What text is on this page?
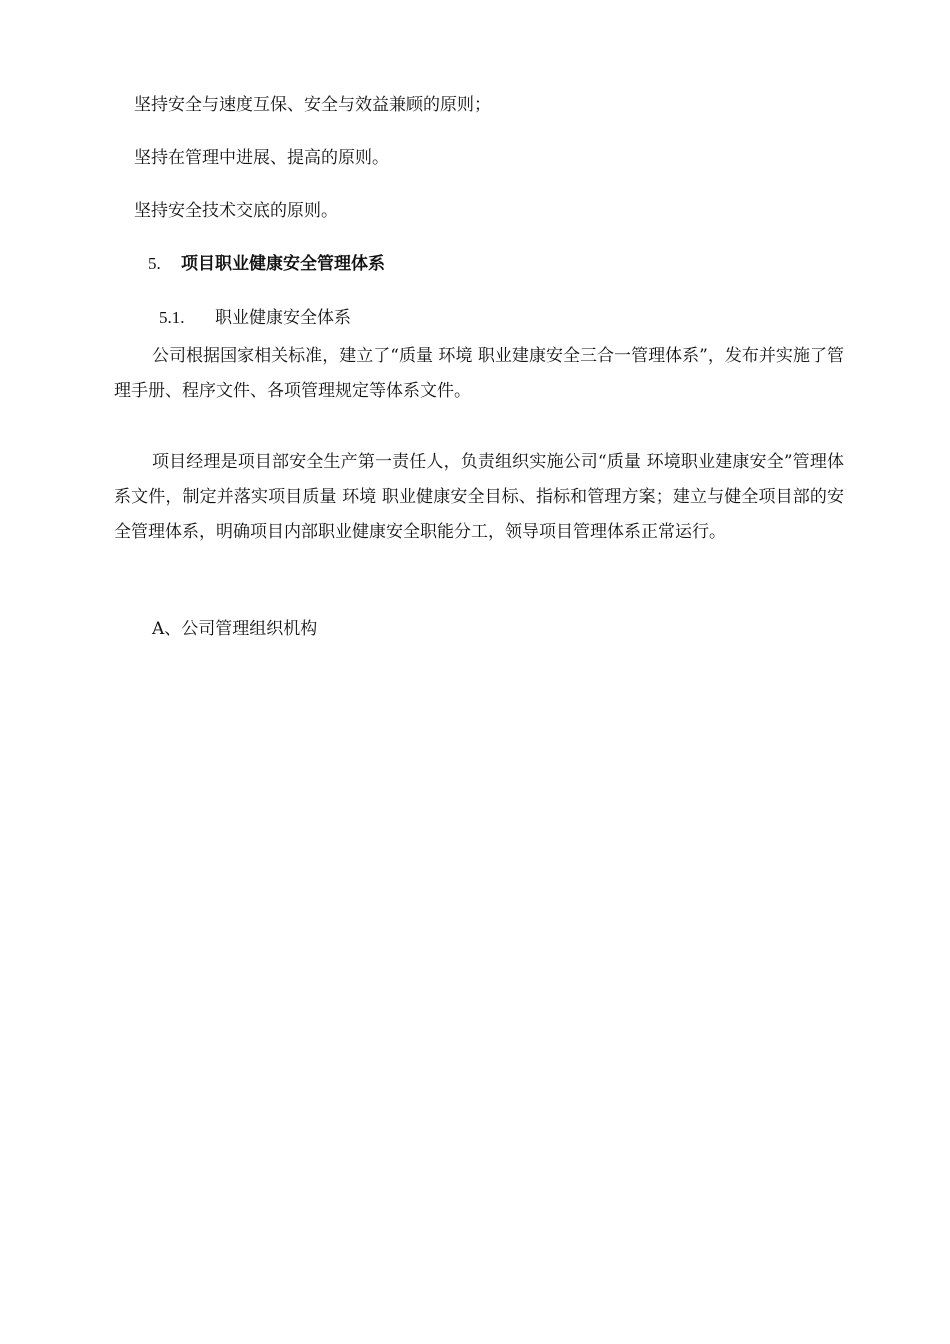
坚持安全与速度互保、安全与效益兼顾的原则；
坚持在管理中进展、提高的原则。
坚持安全技术交底的原则。
5. 项目职业健康安全管理体系
5.1. 职业健康安全体系

公司根据国家相关标准，建立了“质量 环境 职业建康安全三合一管理体系”，发布并实施了管理手册、程序文件、各项管理规定等体系文件。

项目经理是项目部安全生产第一责任人，负责组织实施公司“质量 环境职业建康安全”管理体系文件，制定并落实项目质量 环境 职业健康安全目标、指标和管理方案；建立与健全项目部的安全管理体系，明确项目内部职业健康安全职能分工，领导项目管理体系正常运行。

A、公司管理组织机构
